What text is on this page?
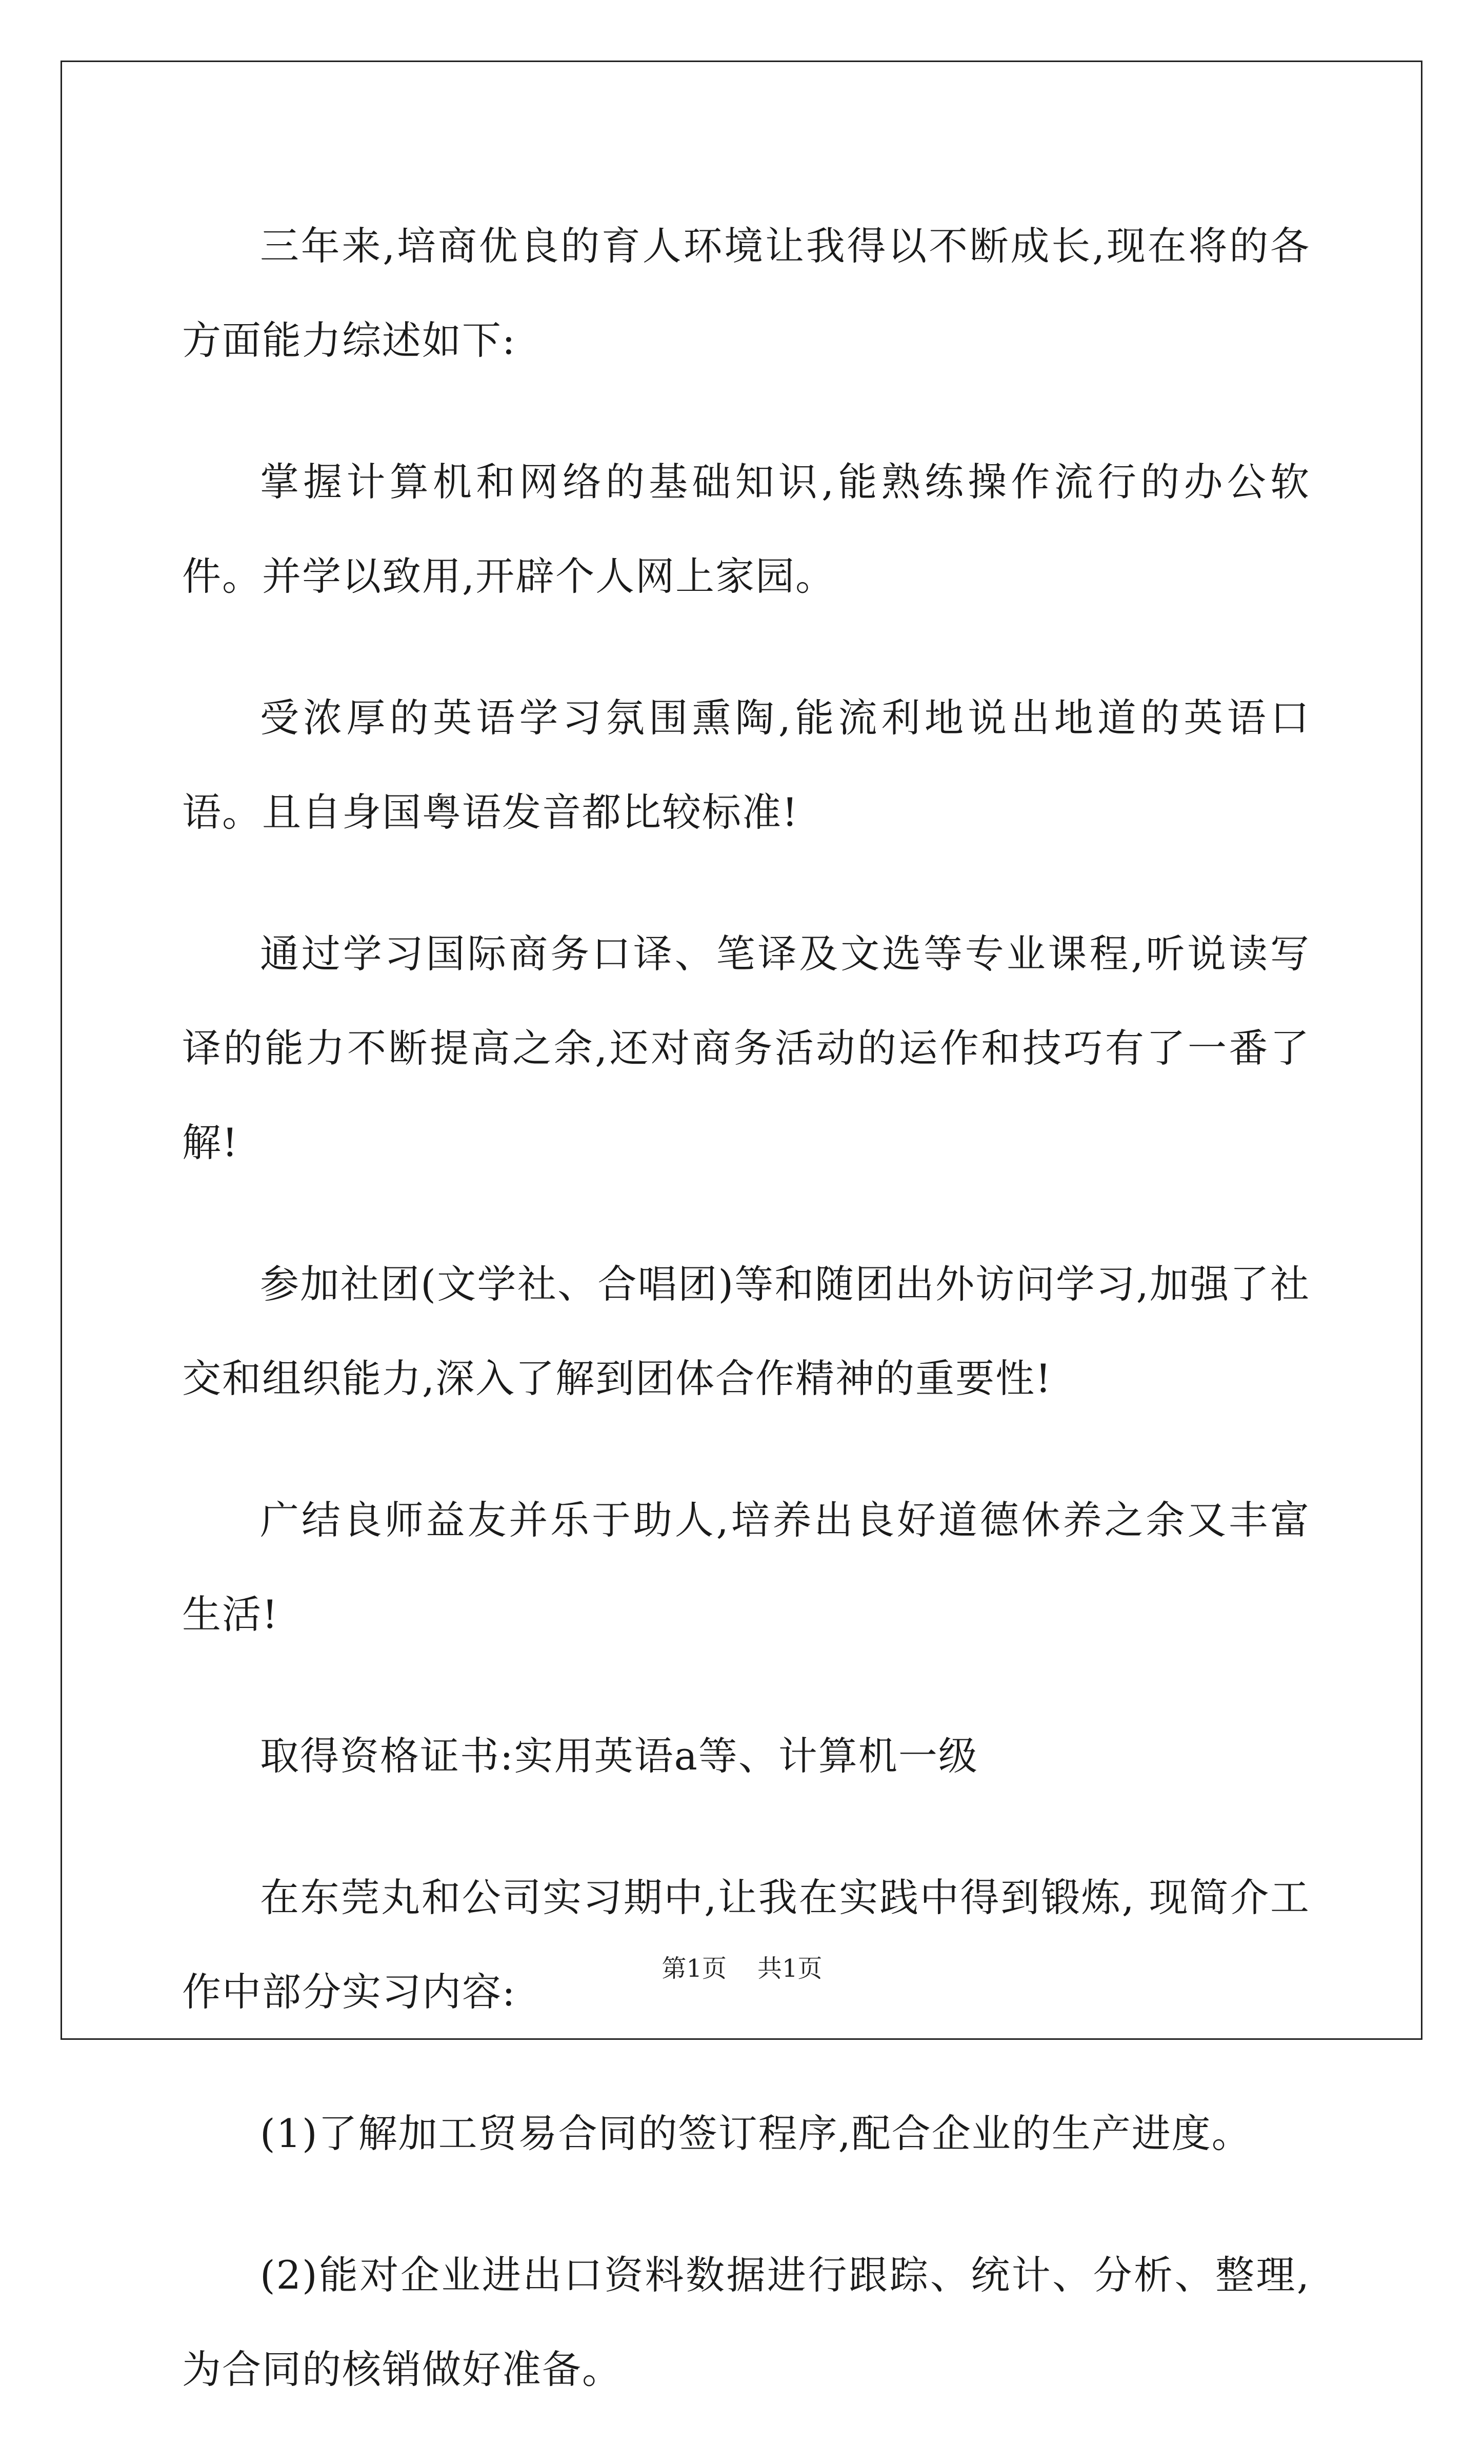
三年来,培商优良的育人环境让我得以不断成长,现在将的各方面能力综述如下:

掌握计算机和网络的基础知识,能熟练操作流行的办公软件。并学以致用,开辟个人网上家园。

受浓厚的英语学习氛围熏陶,能流利地说出地道的英语口语。且自身国粤语发音都比较标准!

通过学习国际商务口译、笔译及文选等专业课程,听说读写译的能力不断提高之余,还对商务活动的运作和技巧有了一番了解!

参加社团(文学社、合唱团)等和随团出外访问学习,加强了社交和组织能力,深入了解到团体合作精神的重要性!

广结良师益友并乐于助人,培养出良好道德休养之余又丰富生活!

取得资格证书:实用英语a等、计算机一级

在东莞丸和公司实习期中,让我在实践中得到锻炼, 现简介工作中部分实习内容:

(1)了解加工贸易合同的签订程序,配合企业的生产进度。

(2)能对企业进出口资料数据进行跟踪、统计、分析、整理,为合同的核销做好准备。

第1页 共1页
